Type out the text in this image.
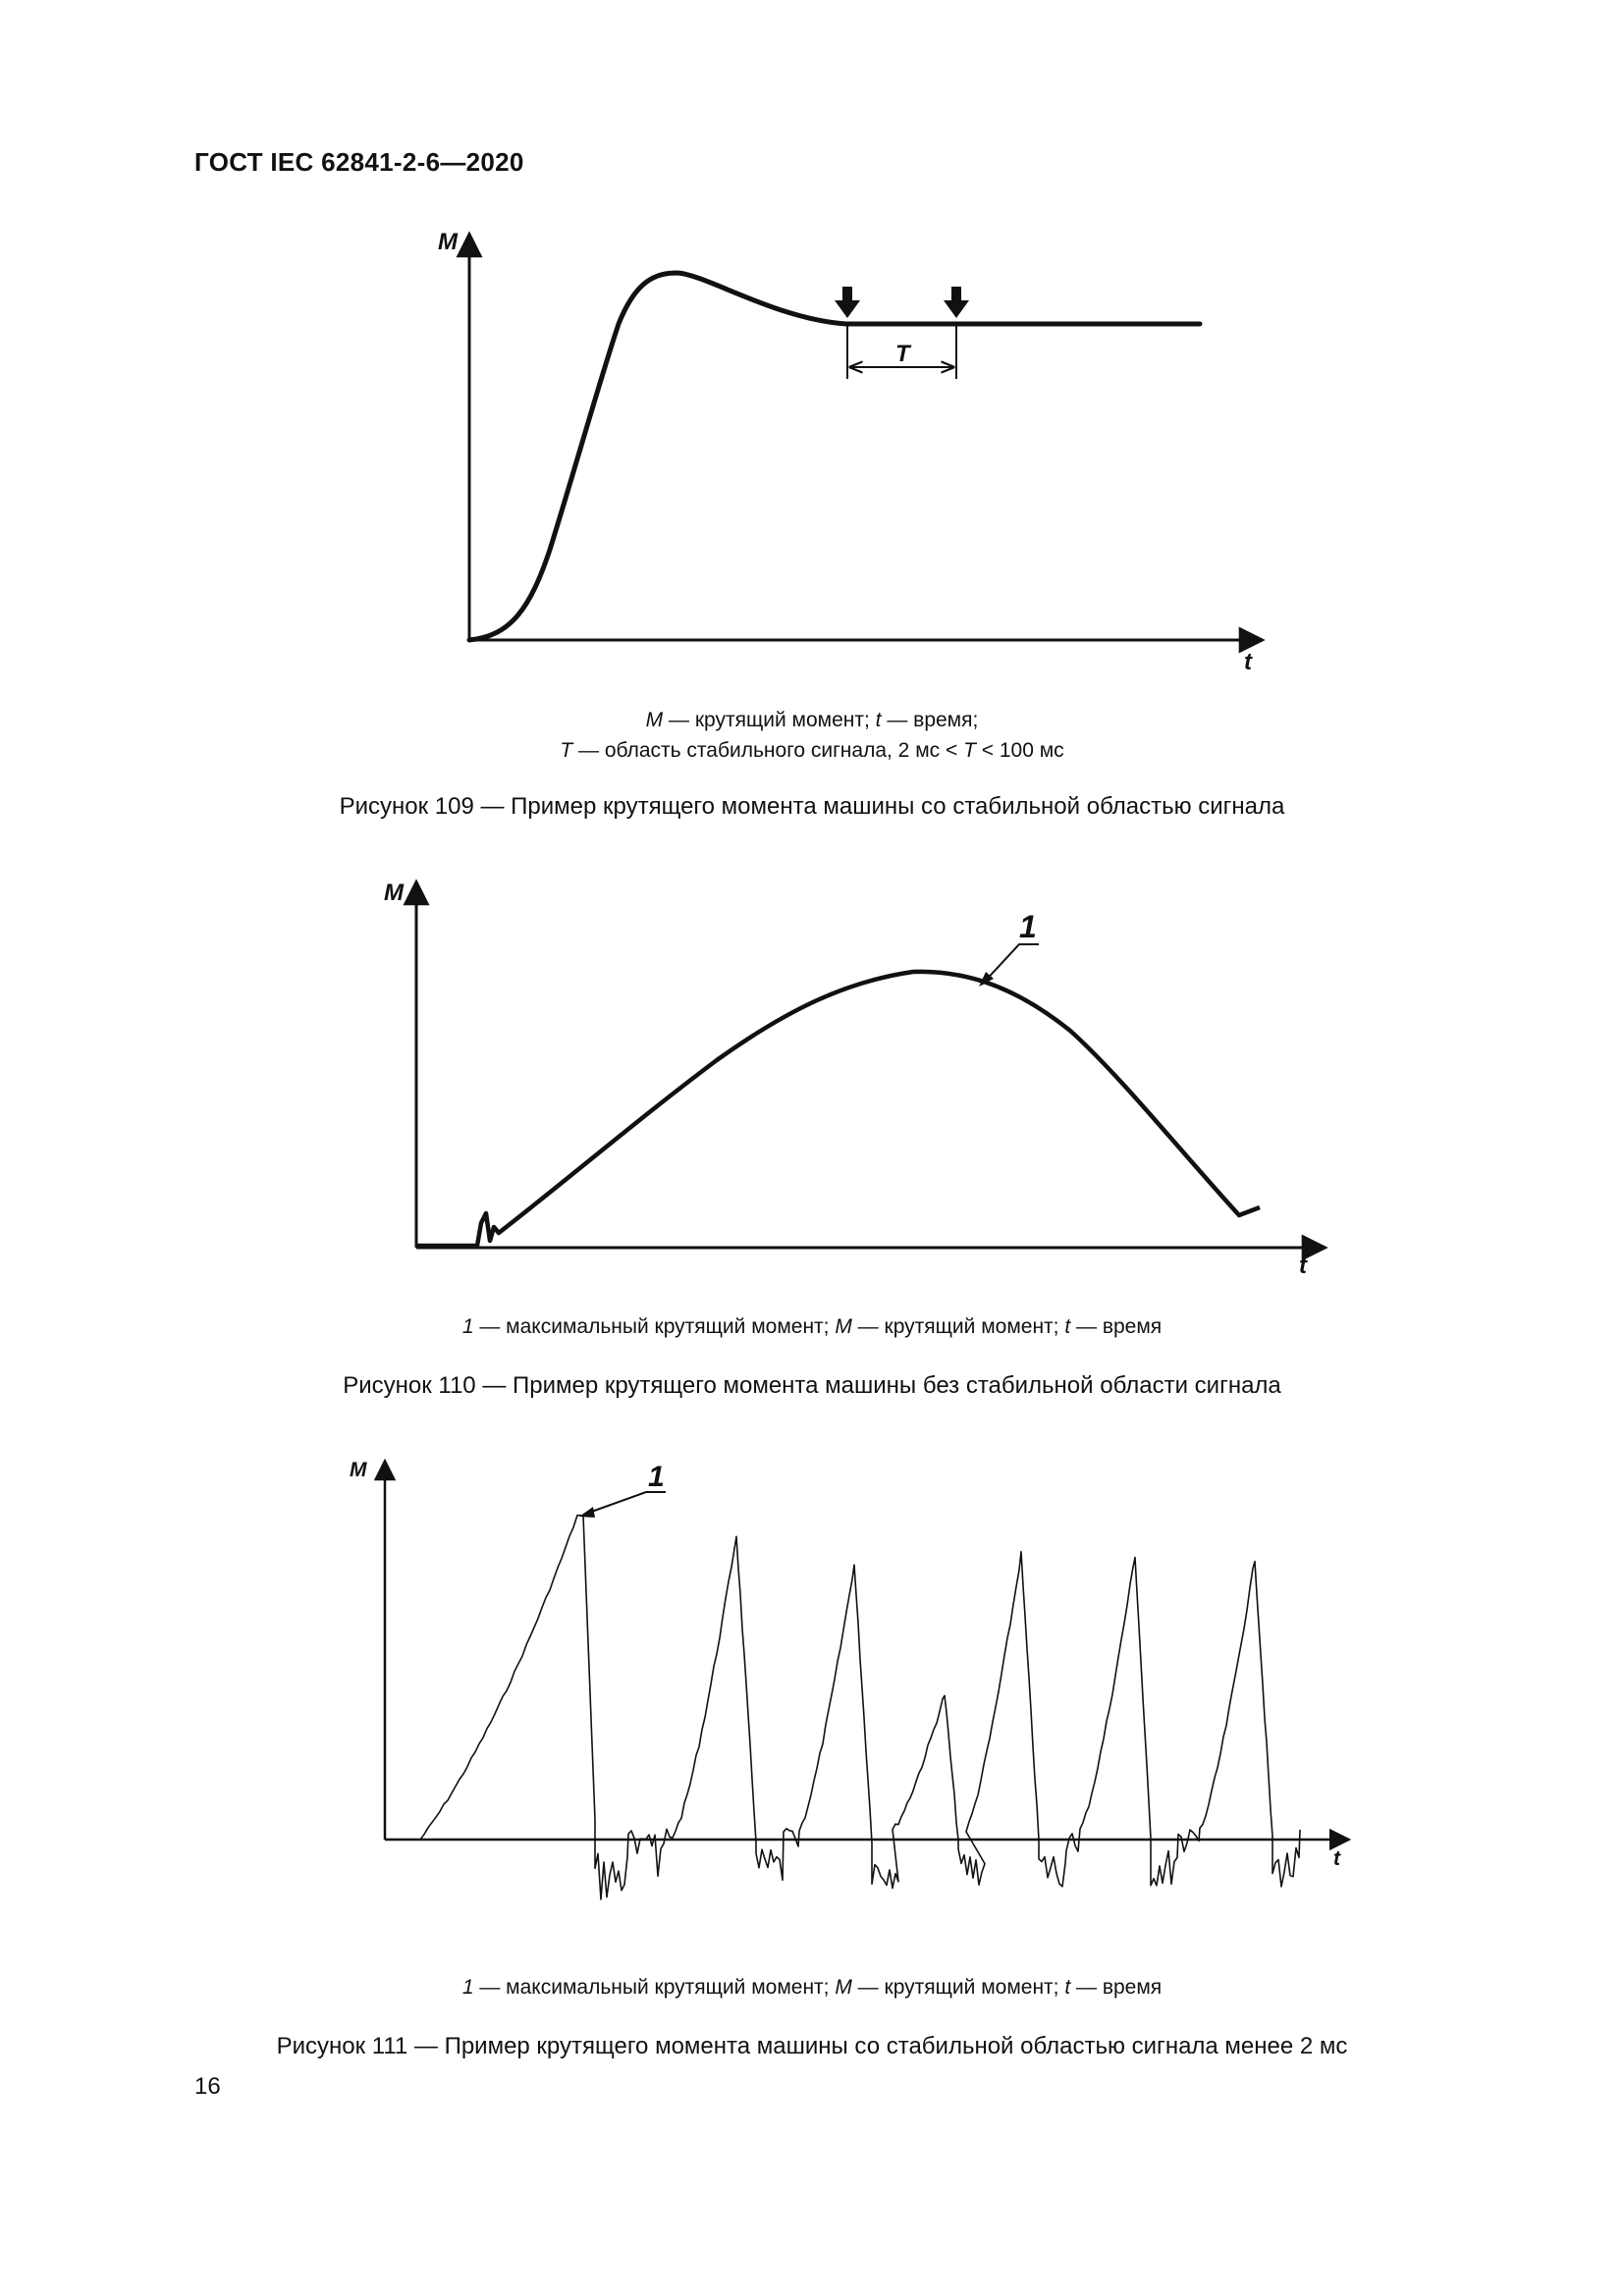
ГОСТ IEC 62841-2-6—2020
M
t
T
M — крутящий момент; t — время;
T — область стабильного сигнала, 2 мс < T < 100 мс
Рисунок 109 — Пример крутящего момента машины со стабильной областью сигнала
M
t
1
1 — максимальный крутящий момент; M — крутящий момент; t — время
Рисунок 110 — Пример крутящего момента машины без стабильной области сигнала
M
t
1
1 — максимальный крутящий момент; M — крутящий момент; t — время
Рисунок 111 — Пример крутящего момента машины со стабильной областью сигнала менее 2 мс
16
